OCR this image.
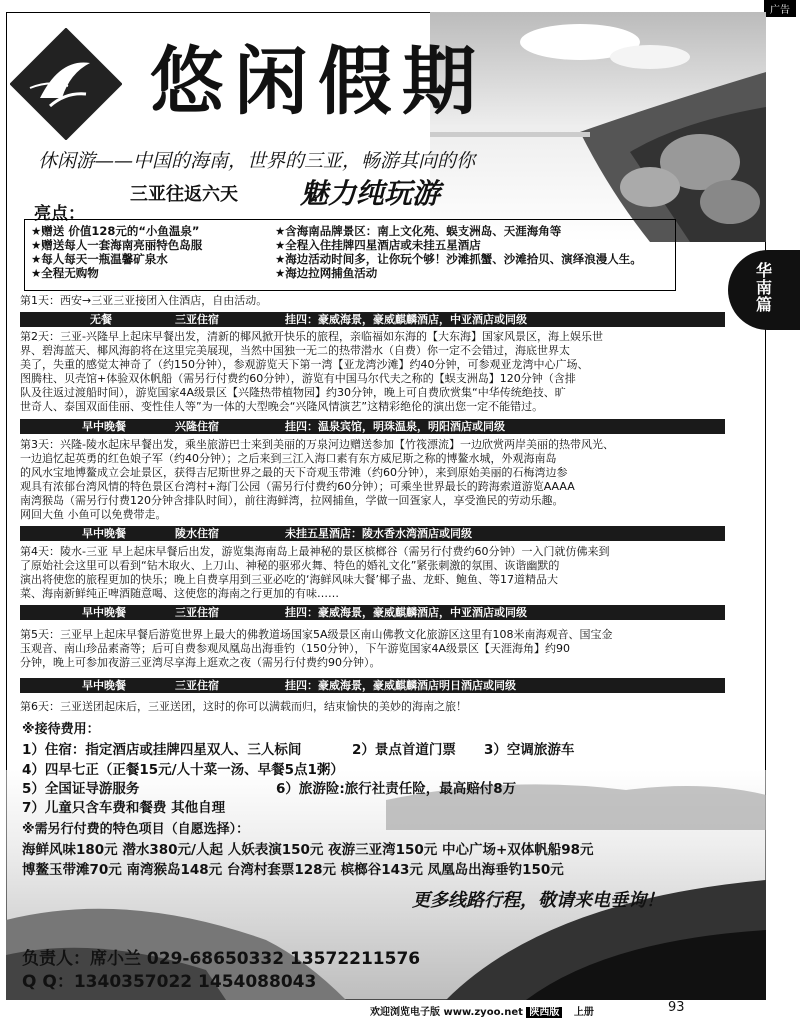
广告
悠闲假期
休闲游——中国的海南，世界的三亚，畅游其向的你
三亚往返六天 魅力纯玩游
亮点：
★赠送 价值128元的“小鱼温泉”
★赠送每人一套海南亮丽特色岛服
★每人每天一瓶温馨矿泉水
★全程无购物
★含海南品牌景区：南上文化苑、蜈支洲岛、天涯海角等
★全程入住挂牌四星酒店或未挂五星酒店
★海边活动时间多，让你玩个够！沙滩抓蟹、沙滩拾贝、演绎浪漫人生。
★海边拉网捕鱼活动	华
南
篇
第1天：西安→三亚三亚接团入住酒店，自由活动。
无餐	三亚住宿	挂四：豪威海景，豪威麒麟酒店，中亚酒店或同级
第2天：三亚-兴隆早上起床早餐出发，清新的椰风掀开快乐的旅程，亲临福如东海的【大东海】国家风景区，海上娱乐世
界、碧海蓝天、椰风海韵将在这里完美展现，当然中国独一无二的热带潜水（自费）你一定不会错过，海底世界太
美了，失重的感觉太神奇了（约150分钟），参观游览天下第一湾【亚龙湾沙滩】约40分钟，可参观亚龙湾中心广场、
图腾柱、贝壳馆+体验双休帆船（需另行付费约60分钟），游览有中国马尔代夫之称的【蜈支洲岛】120分钟（含排
队及往返过渡船时间），游览国家4A级景区【兴隆热带植物园】约30分钟，晚上可自费欣赏集“中华传统绝技、旷
世奇人、泰国双面佳丽、变性佳人等”为一体的大型晚会“兴隆风情演艺”这精彩绝伦的演出您一定不能错过。
早中晚餐	兴隆住宿	挂四：温泉宾馆，明珠温泉，明阳酒店或同级
第3天：兴隆-陵水起床早餐出发，乘坐旅游巴士来到美丽的万泉河边赠送参加【竹筏漂流】一边欣赏两岸美丽的热带风光、
一边追忆起英勇的红色娘子军（约40分钟）；之后来到三江入海口素有东方威尼斯之称的博鳌水城，外观海南岛
的风水宝地博鳌成立会址景区，获得吉尼斯世界之最的天下奇观玉带滩（约60分钟），来到原始美丽的石梅湾边参
观具有浓郁台湾风情的特色景区台湾村+海门公园（需另行付费约60分钟）；可乘坐世界最长的跨海索道游览AAAA
南湾猴岛（需另行付费120分钟含排队时间），前往海鲜湾，拉网捕鱼，学做一回疍家人，享受渔民的劳动乐趣。
网回大鱼 小鱼可以免费带走。
早中晚餐	陵水住宿	未挂五星酒店：陵水香水湾酒店或同级
第4天：陵水-三亚 早上起床早餐后出发，游览集海南岛上最神秘的景区槟榔谷（需另行付费约60分钟）一入门就仿佛来到
了原始社会这里可以看到“钻木取火、上刀山、神秘的驱邪火舞、特色的婚礼文化”紧张刺激的氛围、诙谐幽默的
演出将使您的旅程更加的快乐；晚上自费享用到三亚必吃的‘海鲜风味大餐’椰子蛊、龙虾、鲍鱼、等17道精品大
菜、海南新鲜纯正啤酒随意喝、这使您的海南之行更加的有味……
早中晚餐	三亚住宿	挂四：豪威海景，豪威麒麟酒店，中亚酒店或同级
第5天：三亚早上起床早餐后游览世界上最大的佛教道场国家5A级景区南山佛教文化旅游区这里有108米南海观音、国宝金
玉观音、南山珍品素斋等；后可自费参观凤凰岛出海垂钓（150分钟），下午游览国家4A级景区【天涯海角】约90
分钟，晚上可参加夜游三亚湾尽享海上逛欢之夜（需另行付费约90分钟）。
早中晚餐	三亚住宿	挂四：豪威海景，豪威麒麟酒店明日酒店或同级
第6天：三亚送团起床后，三亚送团，这时的你可以满载而归，结束愉快的美妙的海南之旅！
※接待费用：
1）住宿：指定酒店或挂牌四星双人、三人标间	2）景点首道门票 3）空调旅游车
4）四早七正（正餐15元/人十菜一汤、早餐5点1粥）
5）全国证导游服务	6）旅游险:旅行社责任险，最高赔付8万
7）儿童只含车费和餐费 其他自理
※需另行付费的特色项目（自愿选择）：
海鲜风味180元 潜水380元/人起 人妖表演150元 夜游三亚湾150元 中心广场+双体帆船98元
博鳌玉带滩70元 南湾猴岛148元 台湾村套票128元 槟榔谷143元 凤凰岛出海垂钓150元
更多线路行程，敬请来电垂询！
负责人：席小兰 029-68650332 13572211576
Q Q：1340357022 1454088043
欢迎浏览电子版 www.zyoo.net 陕西版 上册	93
